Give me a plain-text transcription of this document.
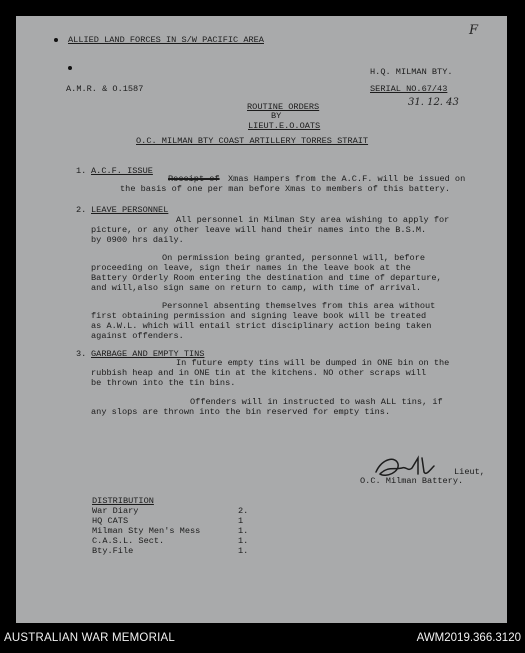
F
ALLIED LAND FORCES IN S/W PACIFIC AREA
H.Q. MILMAN BTY.
A.M.R. & O.1587	SERIAL NO.67/43
31. 12. 43
ROUTINE ORDERS
BY
LIEUT.E.O.OATS
O.C. MILMAN BTY COAST ARTILLERY TORRES STRAIT
1. A.C.F. ISSUE
Receipt of Xmas Hampers from the A.C.F. will be issued on
the basis of one per man before Xmas to members of this battery.
2. LEAVE PERSONNEL
All personnel in Milman Sty area wishing to apply for
picture, or any other leave will hand their names into the B.S.M.
by 0900 hrs daily.
On permission being granted, personnel will, before
proceeding on leave, sign their names in the leave book at the
Battery Orderly Room entering the destination and time of departure,
and will,also sign same on return to camp, with time of arrival.
Personnel absenting themselves from this area without
first obtaining permission and signing leave book will be treated
as A.W.L. which will entail strict disciplinary action being taken
against offenders.
3. GARBAGE AND EMPTY TINS
In future empty tins will be dumped in ONE bin on the
rubbish heap and in ONE tin at the kitchens. NO other scraps will
be thrown into the tin bins.
Offenders will in instructed to wash ALL tins, if
any slops are thrown into the bin reserved for empty tins.
Lieut,
O.C. Milman Battery.
DISTRIBUTION
War Diary	2.
HQ CATS	1
Milman Sty Men's Mess	1.
C.A.S.L. Sect.	1.
Bty.File	1.
AUSTRALIAN WAR MEMORIAL	AWM2019.366.3120
